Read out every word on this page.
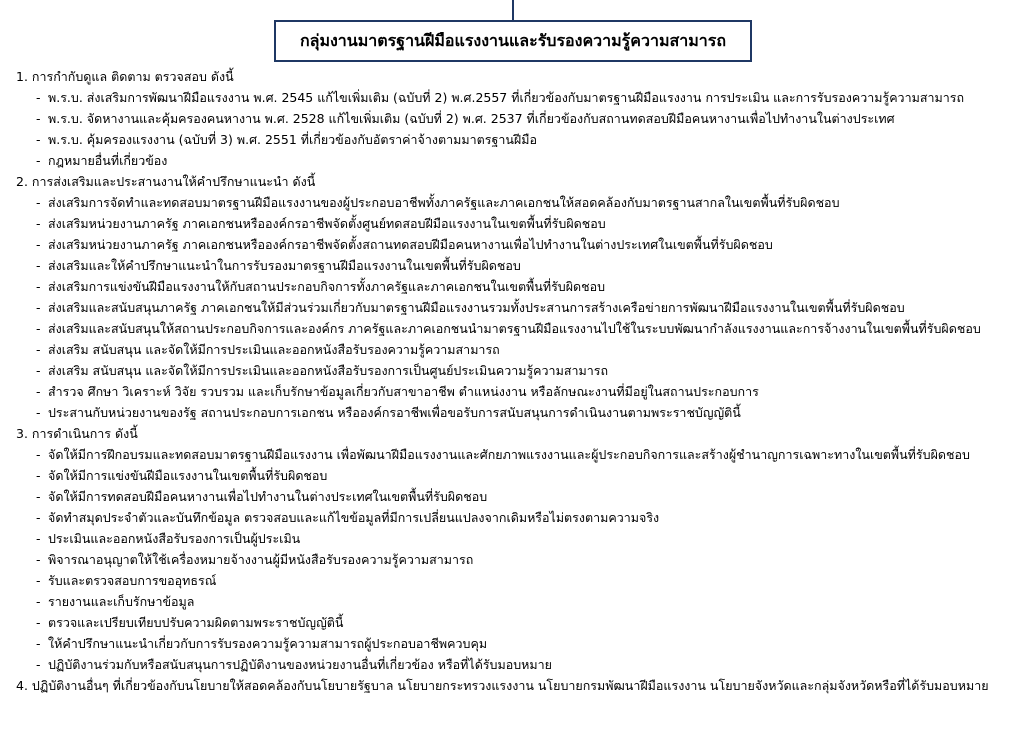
กลุ่มงานมาตรฐานฝีมือแรงงานและรับรองความรู้ความสามารถ
1. การกำกับดูแล ติดตาม ตรวจสอบ ดังนี้
- พ.ร.บ. ส่งเสริมการพัฒนาฝีมือแรงงาน พ.ศ. 2545 แก้ไขเพิ่มเติม (ฉบับที่ 2) พ.ศ.2557 ที่เกี่ยวข้องกับมาตรฐานฝีมือแรงงาน การประเมิน และการรับรองความรู้ความสามารถ
- พ.ร.บ. จัดหางานและคุ้มครองคนหางาน พ.ศ. 2528 แก้ไขเพิ่มเติม (ฉบับที่ 2) พ.ศ. 2537 ที่เกี่ยวข้องกับสถานทดสอบฝีมือคนหางานเพื่อไปทำงานในต่างประเทศ
- พ.ร.บ. คุ้มครองแรงงาน (ฉบับที่ 3) พ.ศ. 2551 ที่เกี่ยวข้องกับอัตราค่าจ้างตามมาตรฐานฝีมือ
- กฎหมายอื่นที่เกี่ยวข้อง
2. การส่งเสริมและประสานงานให้คำปรึกษาแนะนำ ดังนี้
- ส่งเสริมการจัดทำและทดสอบมาตรฐานฝีมือแรงงานของผู้ประกอบอาชีพทั้งภาครัฐและภาคเอกชนให้สอดคล้องกับมาตรฐานสากลในเขตพื้นที่รับผิดชอบ
- ส่งเสริมหน่วยงานภาครัฐ ภาคเอกชนหรือองค์กรอาชีพจัดตั้งศูนย์ทดสอบฝีมือแรงงานในเขตพื้นที่รับผิดชอบ
- ส่งเสริมหน่วยงานภาครัฐ ภาคเอกชนหรือองค์กรอาชีพจัดตั้งสถานทดสอบฝีมือคนหางานเพื่อไปทำงานในต่างประเทศในเขตพื้นที่รับผิดชอบ
- ส่งเสริมและให้คำปรึกษาแนะนำในการรับรองมาตรฐานฝีมือแรงงานในเขตพื้นที่รับผิดชอบ
- ส่งเสริมการแข่งขันฝีมือแรงงานให้กับสถานประกอบกิจการทั้งภาครัฐและภาคเอกชนในเขตพื้นที่รับผิดชอบ
- ส่งเสริมและสนับสนุนภาครัฐ ภาคเอกชนให้มีส่วนร่วมเกี่ยวกับมาตรฐานฝีมือแรงงานรวมทั้งประสานการสร้างเครือข่ายการพัฒนาฝีมือแรงงานในเขตพื้นที่รับผิดชอบ
- ส่งเสริมและสนับสนุนให้สถานประกอบกิจการและองค์กร ภาครัฐและภาคเอกชนนำมาตรฐานฝีมือแรงงานไปใช้ในระบบพัฒนากำลังแรงงานและการจ้างงานในเขตพื้นที่รับผิดชอบ
- ส่งเสริม สนับสนุน และจัดให้มีการประเมินและออกหนังสือรับรองความรู้ความสามารถ
- ส่งเสริม สนับสนุน และจัดให้มีการประเมินและออกหนังสือรับรองการเป็นศูนย์ประเมินความรู้ความสามารถ
- สำรวจ ศึกษา วิเคราะห์ วิจัย รวบรวม และเก็บรักษาข้อมูลเกี่ยวกับสาขาอาชีพ ตำแหน่งงาน หรือลักษณะงานที่มีอยู่ในสถานประกอบการ
- ประสานกับหน่วยงานของรัฐ สถานประกอบการเอกชน หรือองค์กรอาชีพเพื่อขอรับการสนับสนุนการดำเนินงานตามพระราชบัญญัตินี้
3. การดำเนินการ ดังนี้
- จัดให้มีการฝึกอบรมและทดสอบมาตรฐานฝีมือแรงงาน เพื่อพัฒนาฝีมือแรงงานและศักยภาพแรงงานและผู้ประกอบกิจการและสร้างผู้ชำนาญการเฉพาะทางในเขตพื้นที่รับผิดชอบ
- จัดให้มีการแข่งขันฝีมือแรงงานในเขตพื้นที่รับผิดชอบ
- จัดให้มีการทดสอบฝีมือคนหางานเพื่อไปทำงานในต่างประเทศในเขตพื้นที่รับผิดชอบ
- จัดทำสมุดประจำตัวและบันทึกข้อมูล ตรวจสอบและแก้ไขข้อมูลที่มีการเปลี่ยนแปลงจากเดิมหรือไม่ตรงตามความจริง
- ประเมินและออกหนังสือรับรองการเป็นผู้ประเมิน
- พิจารณาอนุญาตให้ใช้เครื่องหมายจ้างงานผู้มีหนังสือรับรองความรู้ความสามารถ
- รับและตรวจสอบการขออุทธรณ์
- รายงานและเก็บรักษาข้อมูล
- ตรวจและเปรียบเทียบปรับความผิดตามพระราชบัญญัตินี้
- ให้คำปรึกษาแนะนำเกี่ยวกับการรับรองความรู้ความสามารถผู้ประกอบอาชีพควบคุม
- ปฏิบัติงานร่วมกับหรือสนับสนุนการปฏิบัติงานของหน่วยงานอื่นที่เกี่ยวข้อง หรือที่ได้รับมอบหมาย
4. ปฏิบัติงานอื่นๆ ที่เกี่ยวข้องกับนโยบายให้สอดคล้องกับนโยบายรัฐบาล นโยบายกระทรวงแรงงาน นโยบายกรมพัฒนาฝีมือแรงงาน นโยบายจังหวัดและกลุ่มจังหวัดหรือที่ได้รับมอบหมาย
